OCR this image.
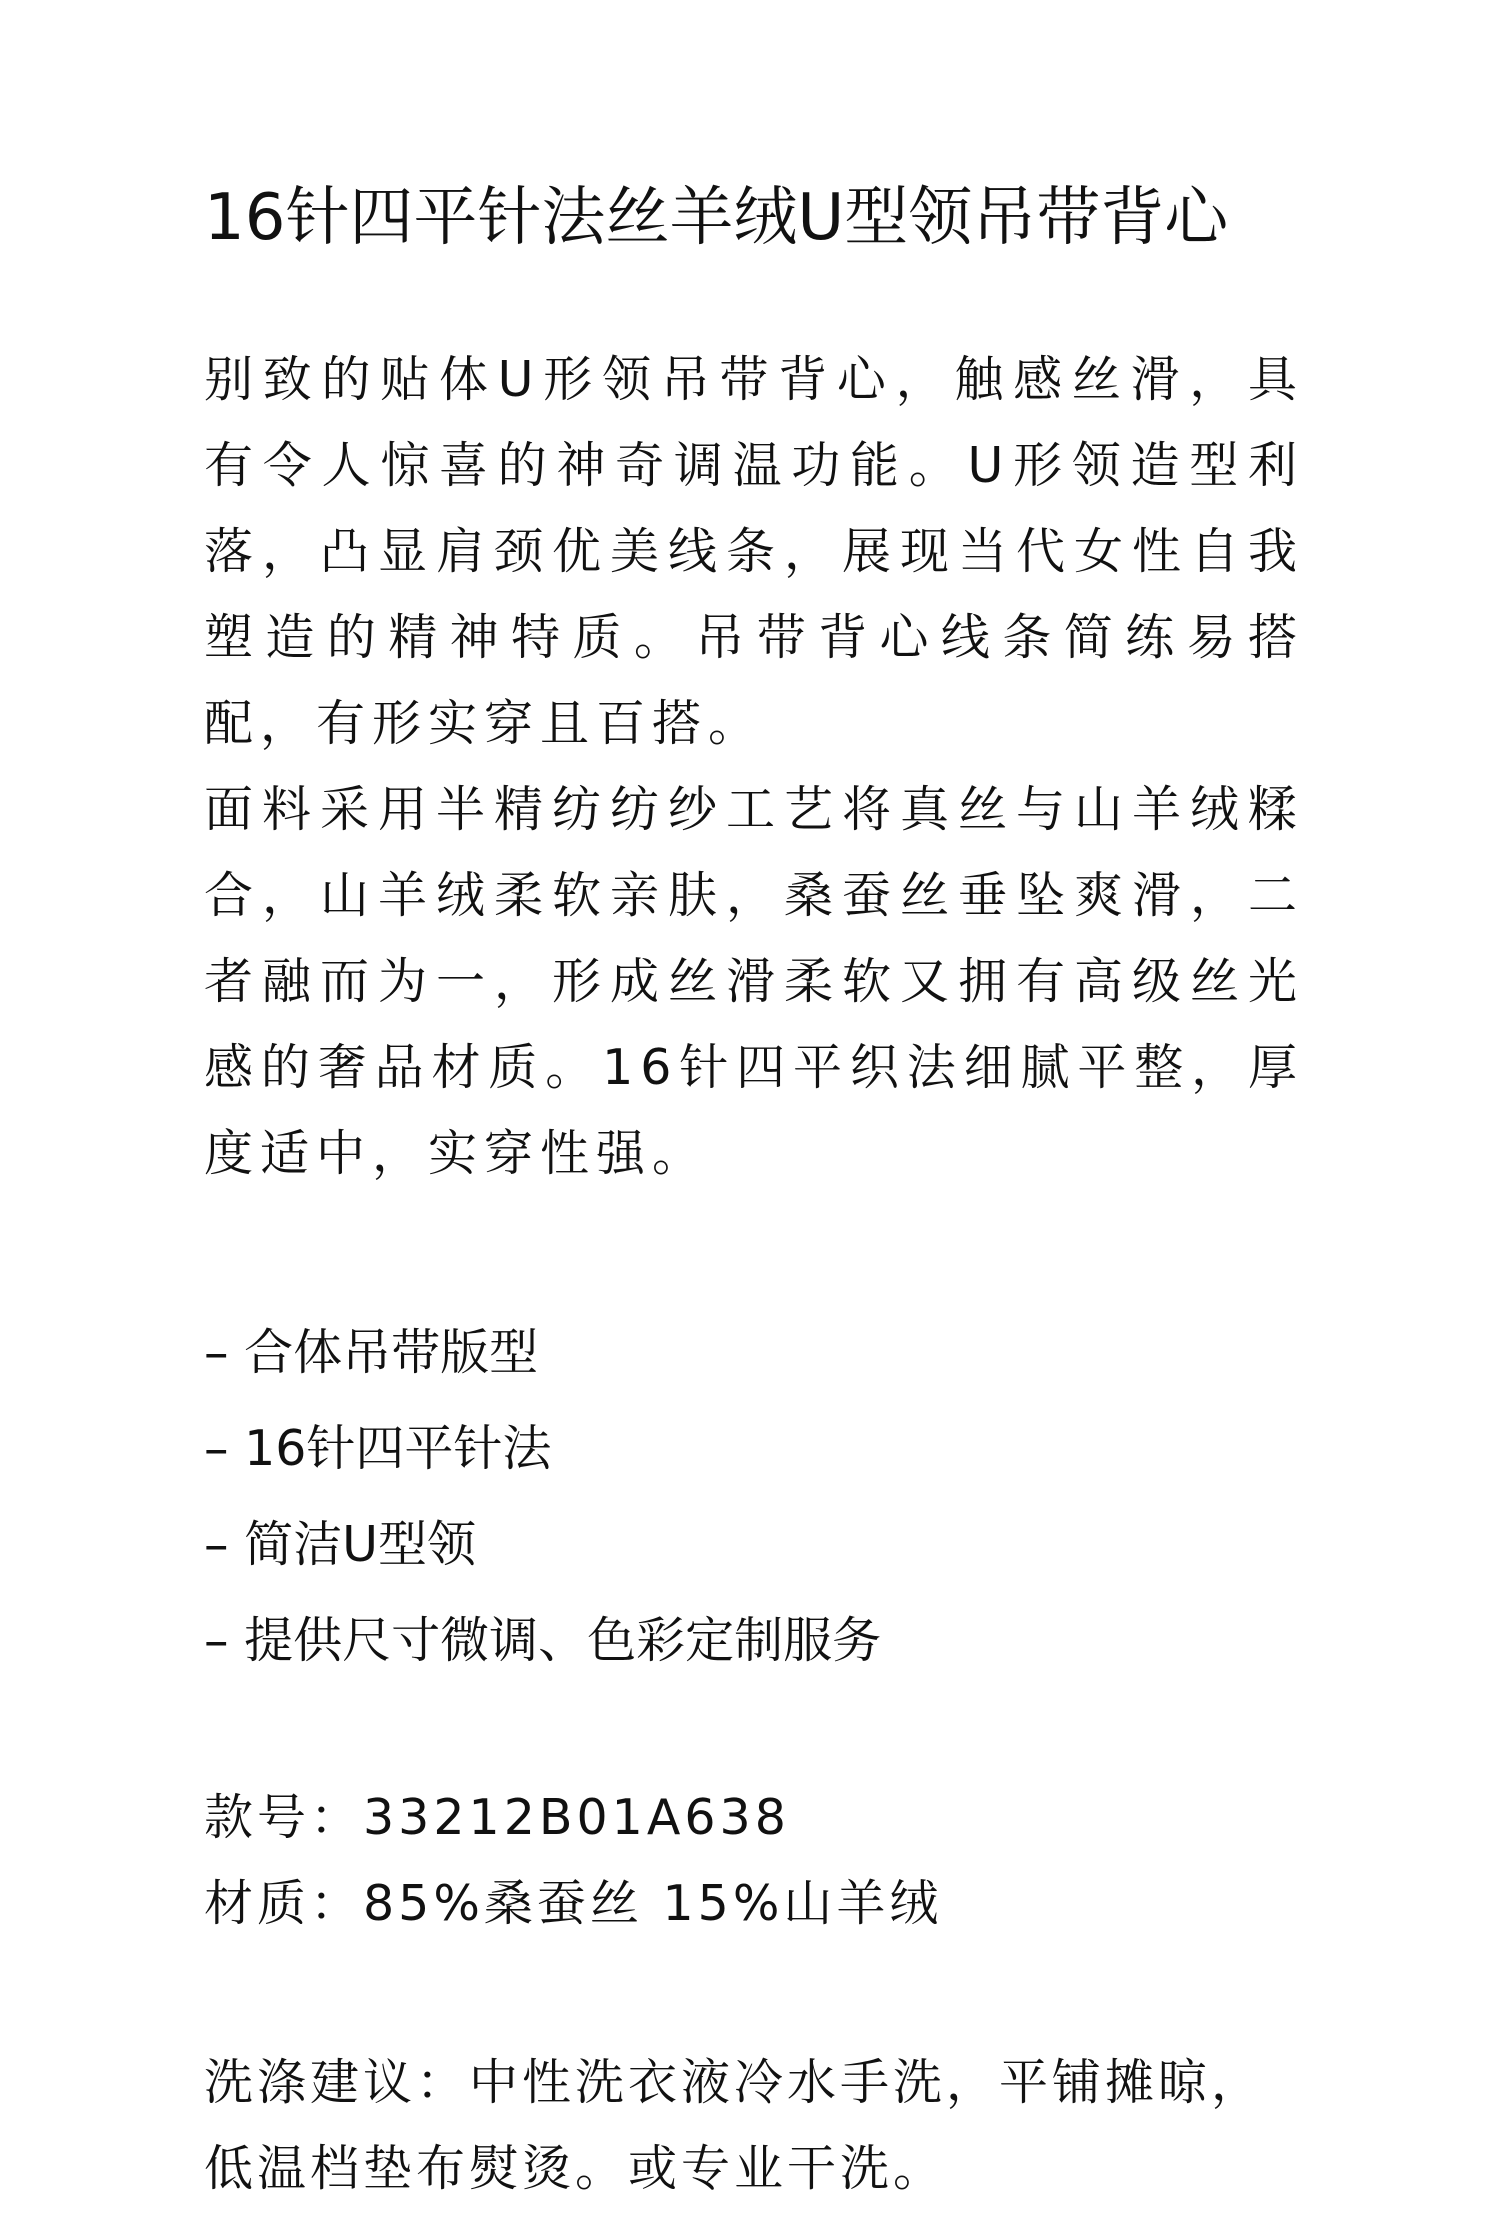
16针四平针法丝羊绒U型领吊带背心

别致的贴体U形领吊带背心，触感丝滑，具有令人惊喜的神奇调温功能。U形领造型利落，凸显肩颈优美线条，展现当代女性自我塑造的精神特质。吊带背心线条简练易搭配，有形实穿且百搭。

面料采用半精纺纺纱工艺将真丝与山羊绒糅合，山羊绒柔软亲肤，桑蚕丝垂坠爽滑，二者融而为一，形成丝滑柔软又拥有高级丝光感的奢品材质。16针四平织法细腻平整，厚度适中，实穿性强。

– 合体吊带版型
– 16针四平针法
– 简洁U型领
– 提供尺寸微调、色彩定制服务
款号：33212B01A638
材质：85%桑蚕丝 15%山羊绒
洗涤建议：中性洗衣液冷水手洗，平铺摊晾，
低温档垫布熨烫。或专业干洗。
